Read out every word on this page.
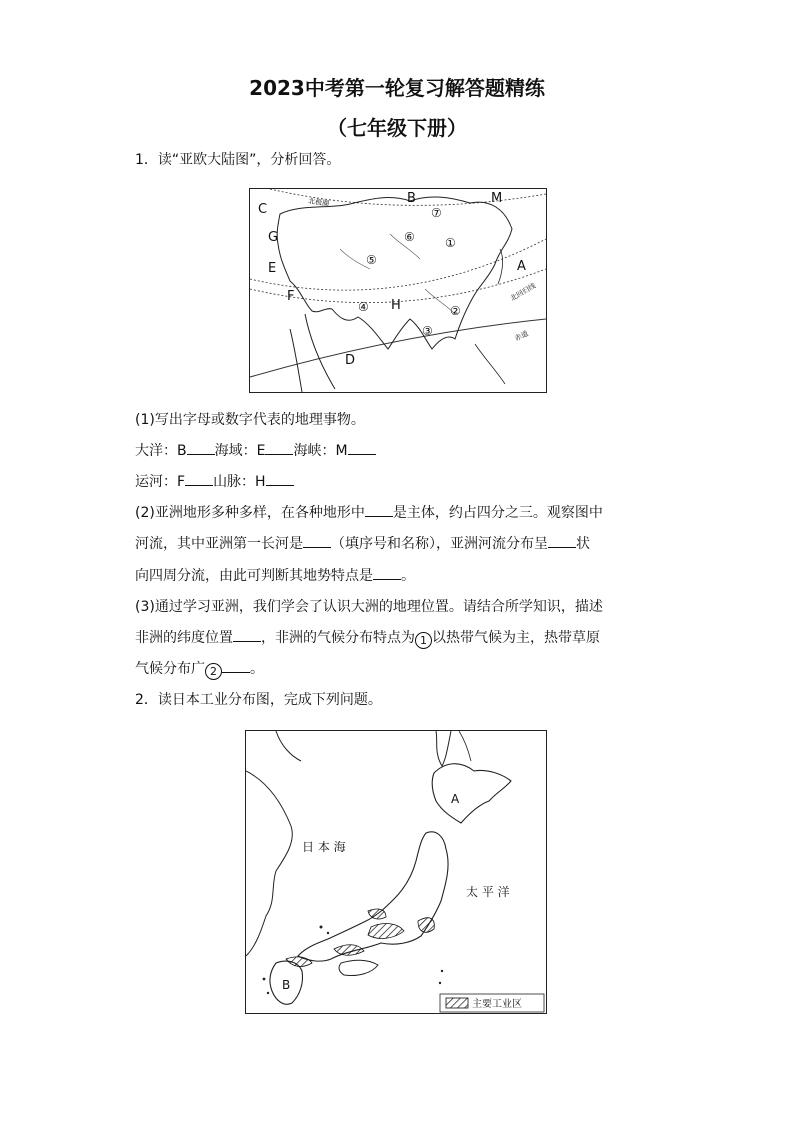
2023中考第一轮复习解答题精练
（七年级下册）
1．读“亚欧大陆图”，分析回答。
C
G
E
F
D
H
B	M
A
①
②
③
④
⑤
⑥
⑦
北极圈
北回归线
赤道
(1)写出字母或数字代表的地理事物。
大洋：B 海域：E 海峡：M
运河：F 山脉：H
(2)亚洲地形多种多样，在各种地形中 是主体，约占四分之三。观察图中
河流，其中亚洲第一长河是 （填序号和名称），亚洲河流分布呈 状
向四周分流，由此可判断其地势特点是 。
(3)通过学习亚洲，我们学会了认识大洲的地理位置。请结合所学知识，描述
非洲的纬度位置 ，非洲的气候分布特点为 1 以热带气候为主，热带草原
气候分布广 2 。
2．读日本工业分布图，完成下列问题。
日 本 海
太 平 洋
A
B
主要工业区
